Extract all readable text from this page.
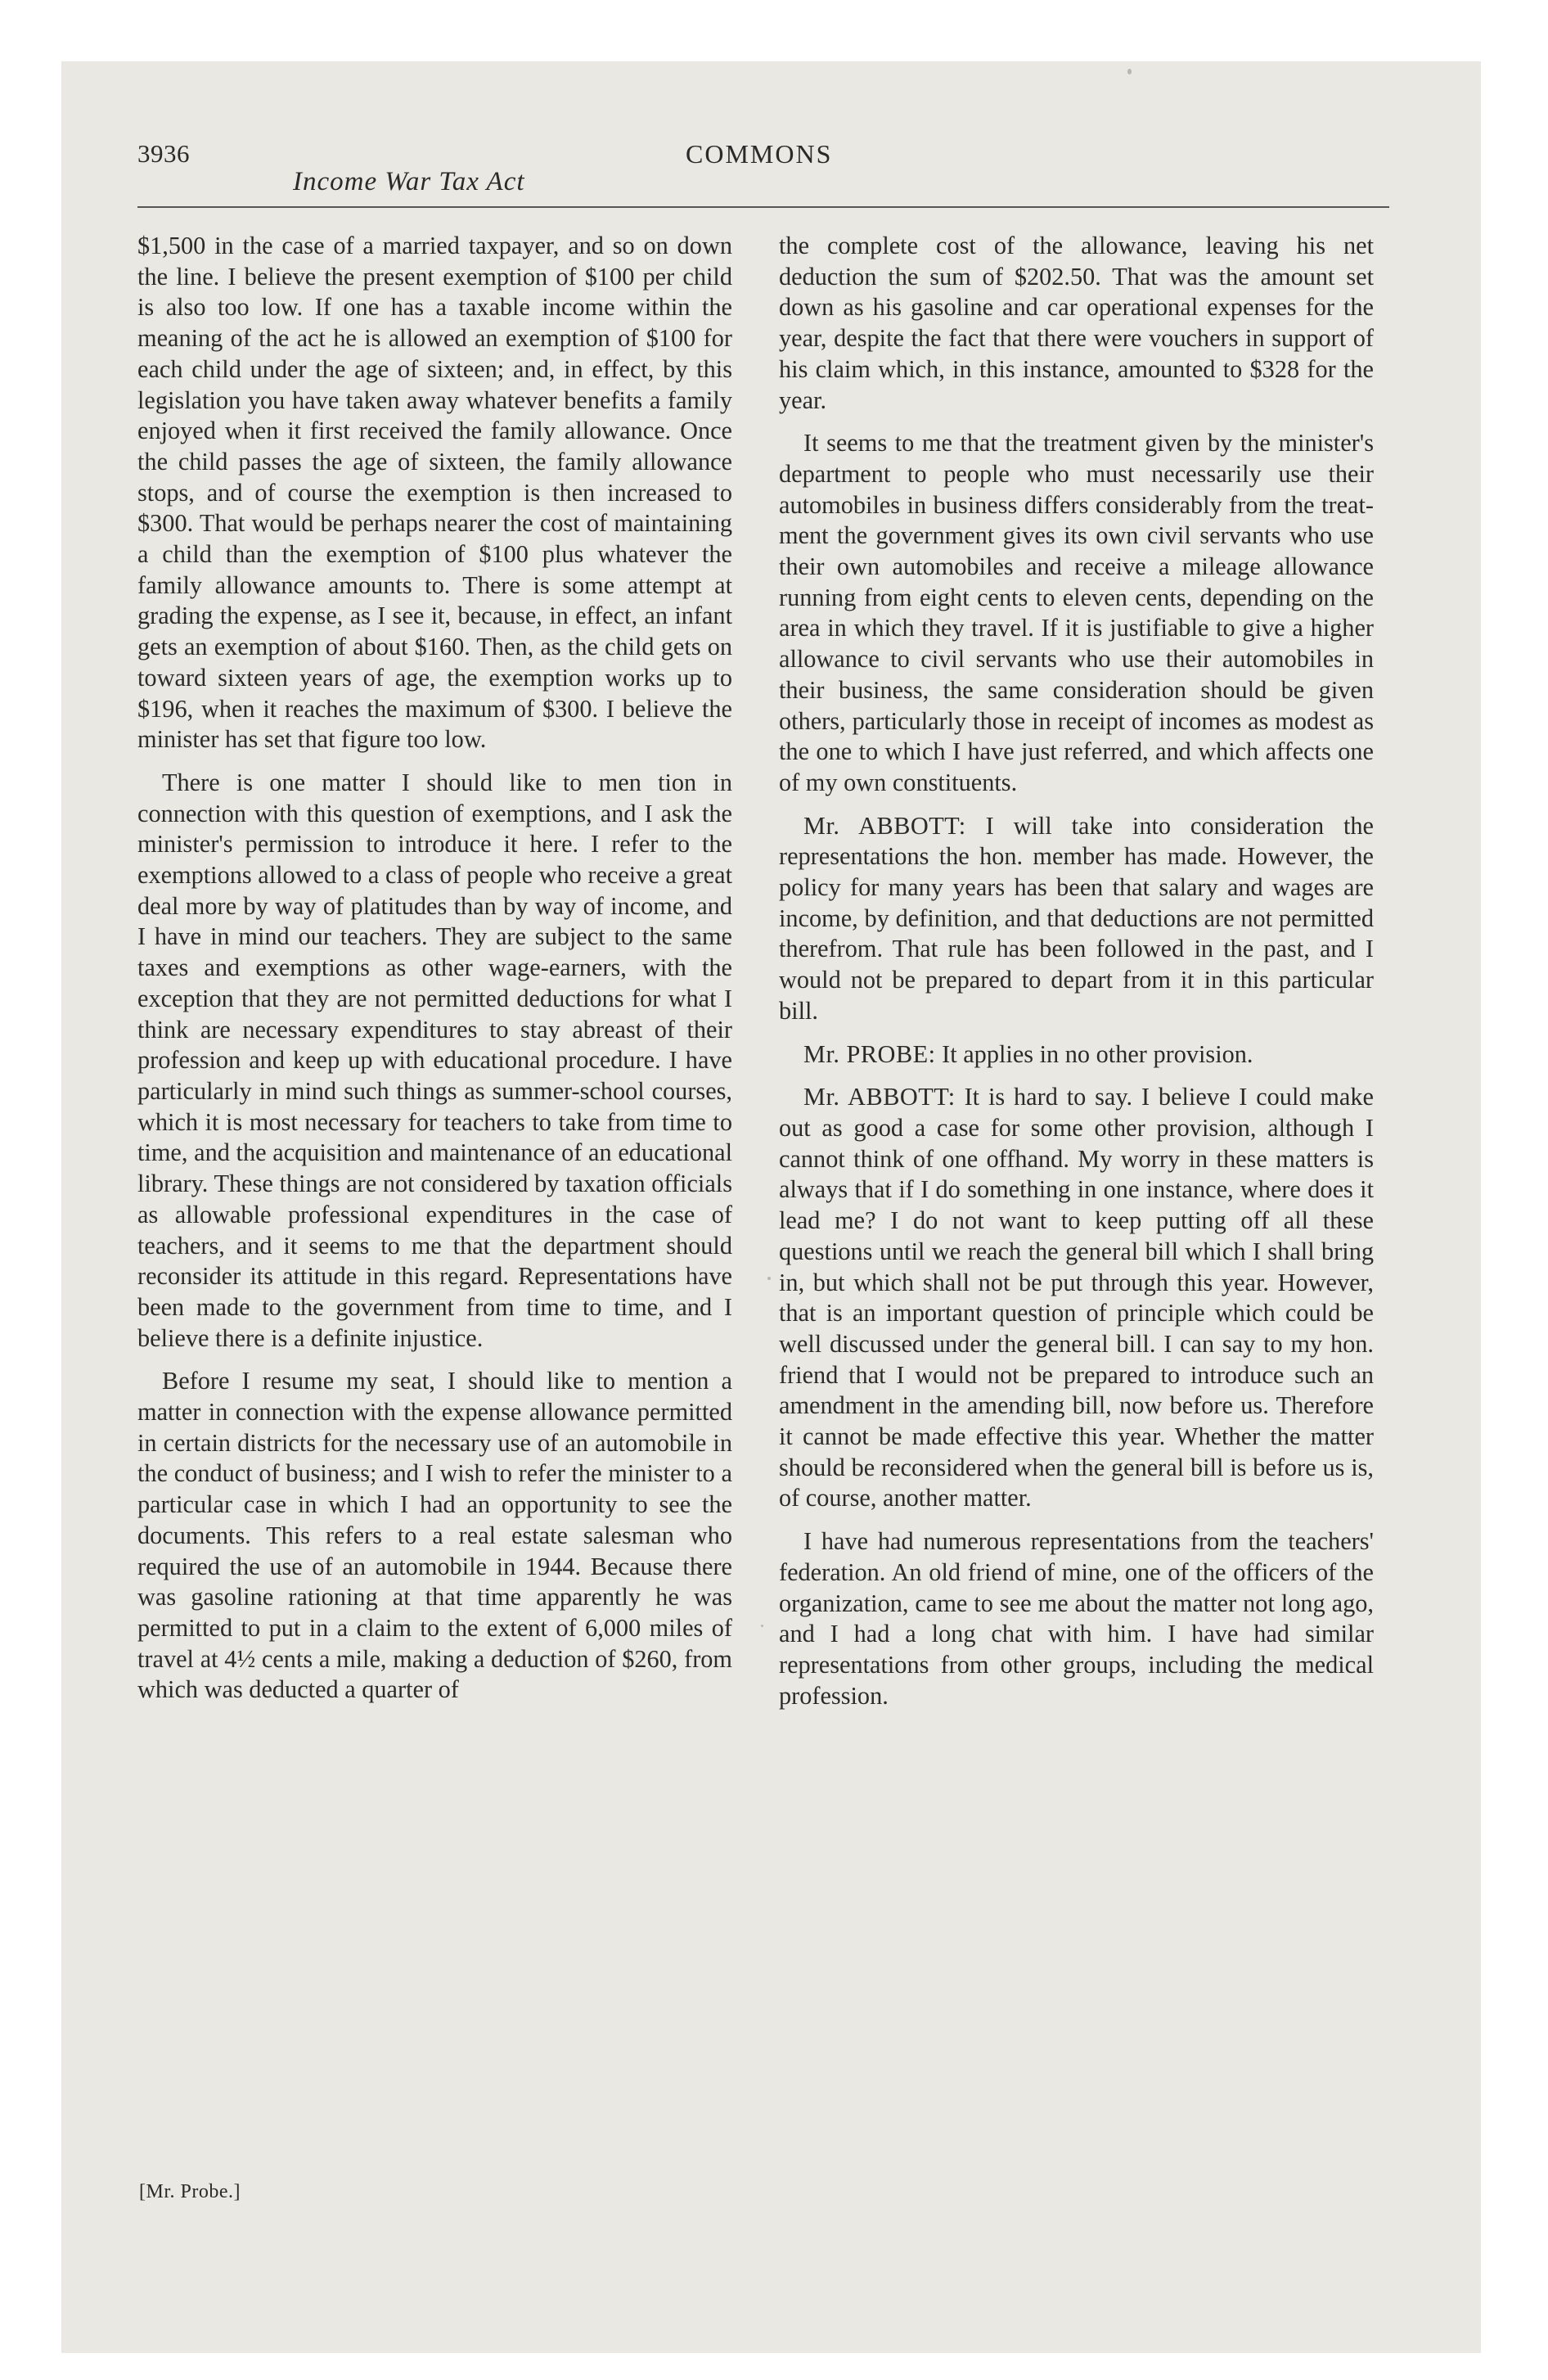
3936	COMMONS
Income War Tax Act

$1,500 in the case of a married taxpayer, and so on down the line. I believe the present exemption of $100 per child is also too low. If one has a taxable income within the meaning of the act he is allowed an exemption of $100 for each child under the age of sixteen; and, in effect, by this legislation you have taken away whatever benefits a family enjoyed when it first received the family allowance. Once the child passes the age of sixteen, the family allowance stops, and of course the exemption is then increased to $300. That would be perhaps nearer the cost of maintaining a child than the exemption of $100 plus whatever the family allowance amounts to. There is some attempt at grading the expense, as I see it, because, in effect, an infant gets an exemption of about $160. Then, as the child gets on toward sixteen years of age, the exemption works up to $196, when it reaches the maximum of $300. I believe the minister has set that figure too low.

There is one matter I should like to men tion in connection with this question of exemptions, and I ask the minister's permission to introduce it here. I refer to the exemptions allowed to a class of people who receive a great deal more by way of platitudes than by way of income, and I have in mind our teachers. They are subject to the same taxes and exemptions as other wage-earners, with the exception that they are not permitted deductions for what I think are necessary expenditures to stay abreast of their profession and keep up with educational procedure. I have particularly in mind such things as summer-school courses, which it is most necessary for teachers to take from time to time, and the acquisition and maintenance of an educational library. These things are not considered by taxation officials as allowable professional expenditures in the case of teachers, and it seems to me that the department should reconsider its attitude in this regard. Representations have been made to the government from time to time, and I believe there is a definite injustice.

Before I resume my seat, I should like to mention a matter in connection with the expense allowance permitted in certain districts for the necessary use of an automobile in the conduct of business; and I wish to refer the minister to a particular case in which I had an opportunity to see the documents. This refers to a real estate salesman who required the use of an automobile in 1944. Because there was gasoline rationing at that time apparently he was permitted to put in a claim to the extent of 6,000 miles of travel at 4½ cents a mile, making a deduction of $260, from which was deducted a quarter of

the complete cost of the allowance, leaving his net deduction the sum of $202.50. That was the amount set down as his gasoline and car operational expenses for the year, despite the fact that there were vouchers in support of his claim which, in this instance, amounted to $328 for the year.

It seems to me that the treatment given by the minister's department to people who must necessarily use their automobiles in business differs considerably from the treatment the government gives its own civil servants who use their own automobiles and receive a mileage allowance running from eight cents to eleven cents, depending on the area in which they travel. If it is justifiable to give a higher allowance to civil servants who use their automobiles in their business, the same consideration should be given others, particularly those in receipt of incomes as modest as the one to which I have just referred, and which affects one of my own constituents.

Mr. ABBOTT: I will take into consideration the representations the hon. member has made. However, the policy for many years has been that salary and wages are income, by definition, and that deductions are not permitted therefrom. That rule has been followed in the past, and I would not be prepared to depart from it in this particular bill.

Mr. PROBE: It applies in no other provision.

Mr. ABBOTT: It is hard to say. I believe I could make out as good a case for some other provision, although I cannot think of one offhand. My worry in these matters is always that if I do something in one instance, where does it lead me? I do not want to keep putting off all these questions until we reach the general bill which I shall bring in, but which shall not be put through this year. However, that is an important question of principle which could be well discussed under the general bill. I can say to my hon. friend that I would not be prepared to introduce such an amendment in the amending bill, now before us. Therefore it cannot be made effective this year. Whether the matter should be reconsidered when the general bill is before us is, of course, another matter.

I have had numerous representations from the teachers' federation. An old friend of mine, one of the officers of the organization, came to see me about the matter not long ago, and I had a long chat with him. I have had similar representations from other groups, including the medical profession.

[Mr. Probe.]
